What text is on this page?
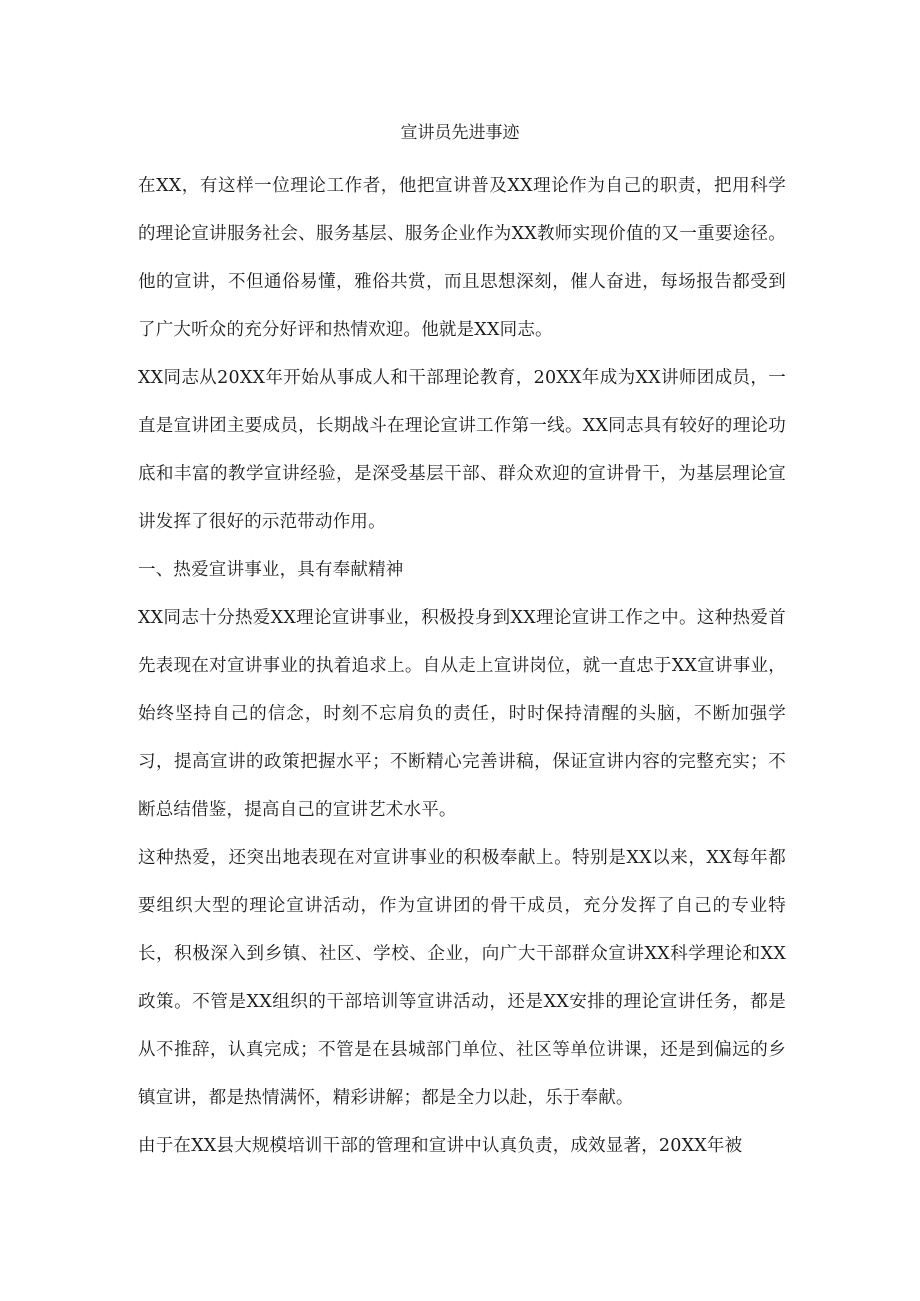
宣讲员先进事迹

在XX，有这样一位理论工作者，他把宣讲普及XX理论作为自己的职责，把用科学的理论宣讲服务社会、服务基层、服务企业作为XX教师实现价值的又一重要途径。他的宣讲，不但通俗易懂，雅俗共赏，而且思想深刻，催人奋进，每场报告都受到了广大听众的充分好评和热情欢迎。他就是XX同志。

XX同志从20XX年开始从事成人和干部理论教育，20XX年成为XX讲师团成员，一直是宣讲团主要成员，长期战斗在理论宣讲工作第一线。XX同志具有较好的理论功底和丰富的教学宣讲经验，是深受基层干部、群众欢迎的宣讲骨干，为基层理论宣讲发挥了很好的示范带动作用。

一、热爱宣讲事业，具有奉献精神

XX同志十分热爱XX理论宣讲事业，积极投身到XX理论宣讲工作之中。这种热爱首先表现在对宣讲事业的执着追求上。自从走上宣讲岗位，就一直忠于XX宣讲事业，始终坚持自己的信念，时刻不忘肩负的责任，时时保持清醒的头脑，不断加强学习，提高宣讲的政策把握水平；不断精心完善讲稿，保证宣讲内容的完整充实；不断总结借鉴，提高自己的宣讲艺术水平。

这种热爱，还突出地表现在对宣讲事业的积极奉献上。特别是XX以来，XX每年都要组织大型的理论宣讲活动，作为宣讲团的骨干成员，充分发挥了自己的专业特长，积极深入到乡镇、社区、学校、企业，向广大干部群众宣讲XX科学理论和XX政策。不管是XX组织的干部培训等宣讲活动，还是XX安排的理论宣讲任务，都是从不推辞，认真完成；不管是在县城部门单位、社区等单位讲课，还是到偏远的乡镇宣讲，都是热情满怀，精彩讲解；都是全力以赴，乐于奉献。

由于在XX县大规模培训干部的管理和宣讲中认真负责，成效显著，20XX年被
